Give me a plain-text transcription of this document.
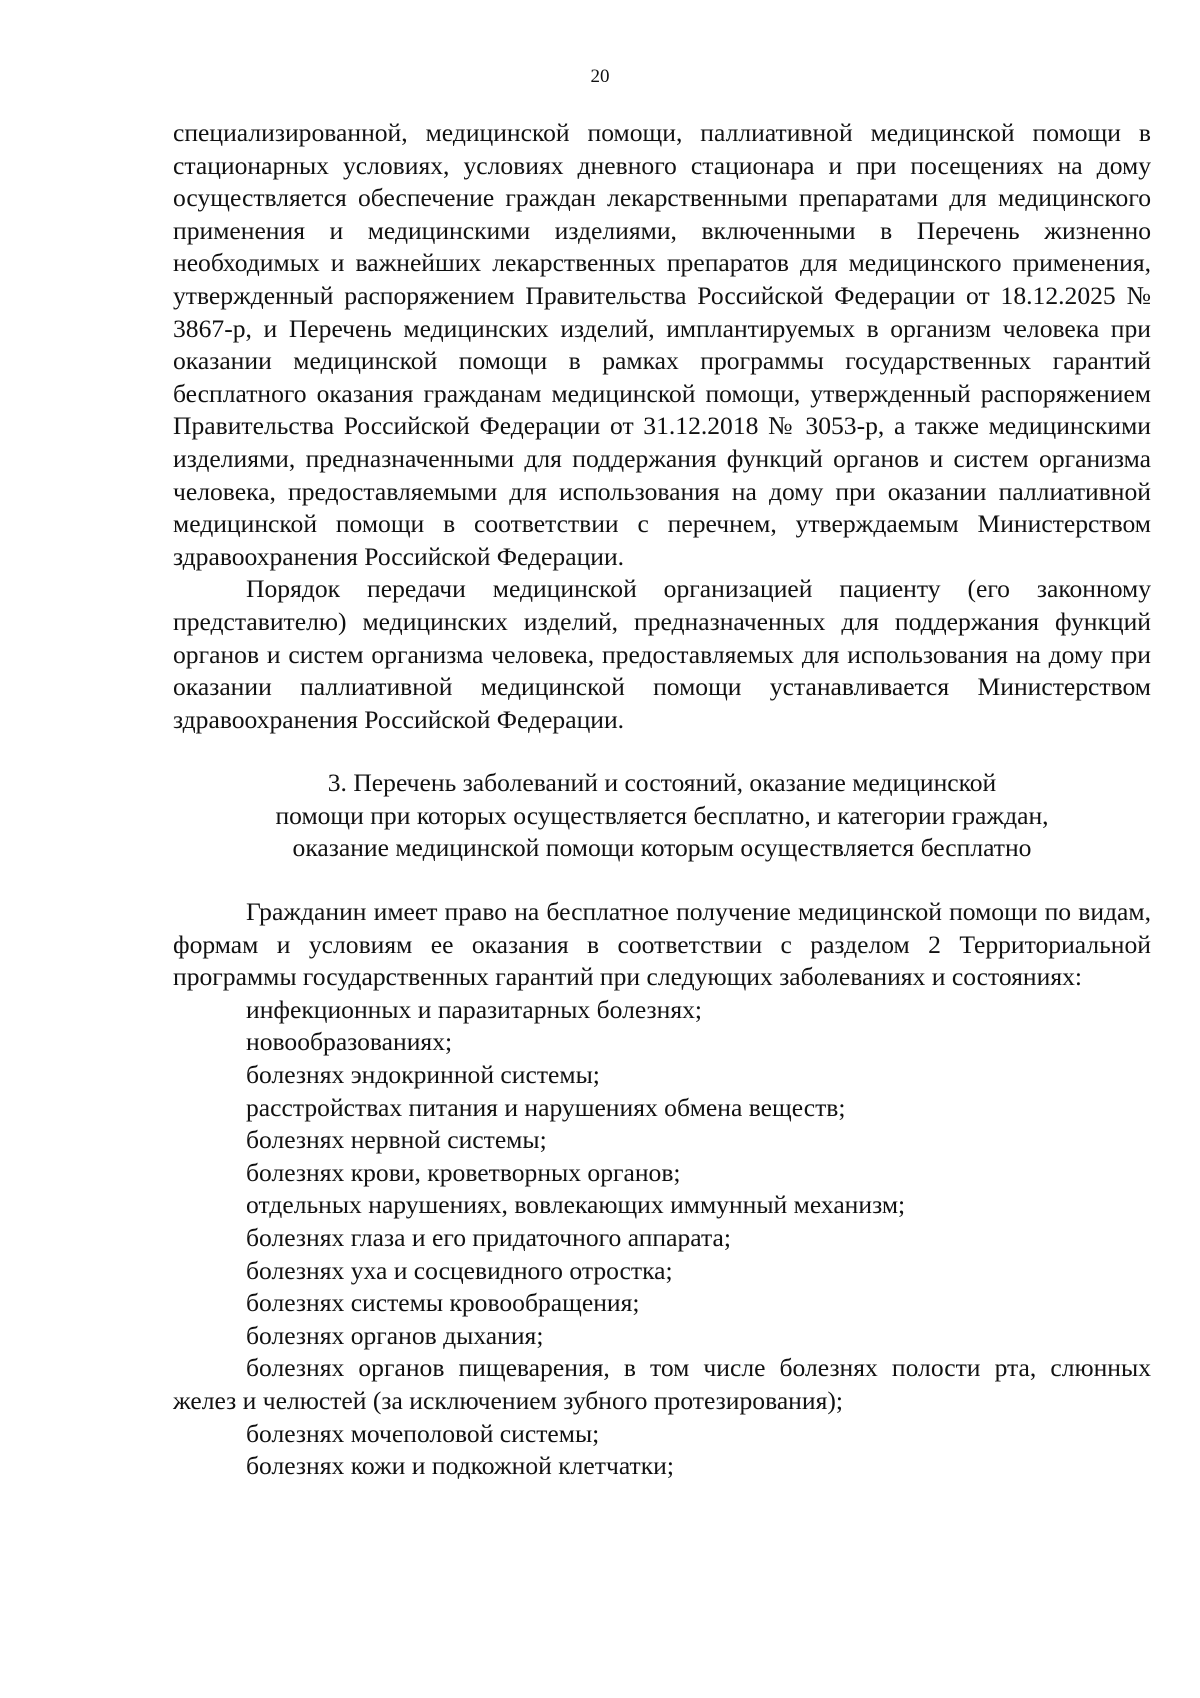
20

специализированной, медицинской помощи, паллиативной медицинской помощи в стационарных условиях, условиях дневного стационара и при посещениях на дому осуществляется обеспечение граждан лекарственными препаратами для медицинского применения и медицинскими изделиями, включенными в Перечень жизненно необходимых и важнейших лекарственных препаратов для медицинского применения, утвержденный распоряжением Правительства Российской Федерации от 18.12.2025 № 3867-р, и Перечень медицинских изделий, имплантируемых в организм человека при оказании медицинской помощи в рамках программы государственных гарантий бесплатного оказания гражданам медицинской помощи, утвержденный распоряжением Правительства Российской Федерации от 31.12.2018 № 3053-р, а также медицинскими изделиями, предназначенными для поддержания функций органов и систем организма человека, предоставляемыми для использования на дому при оказании паллиативной медицинской помощи в соответствии с перечнем, утверждаемым Министерством здравоохранения Российской Федерации.

Порядок передачи медицинской организацией пациенту (его законному представителю) медицинских изделий, предназначенных для поддержания функций органов и систем организма человека, предоставляемых для использования на дому при оказании паллиативной медицинской помощи устанавливается Министерством здравоохранения Российской Федерации.

3. Перечень заболеваний и состояний, оказание медицинской
помощи при которых осуществляется бесплатно, и категории граждан,
оказание медицинской помощи которым осуществляется бесплатно

Гражданин имеет право на бесплатное получение медицинской помощи по видам, формам и условиям ее оказания в соответствии с разделом 2 Территориальной программы государственных гарантий при следующих заболеваниях и состояниях:

инфекционных и паразитарных болезнях;
новообразованиях;
болезнях эндокринной системы;
расстройствах питания и нарушениях обмена веществ;
болезнях нервной системы;
болезнях крови, кроветворных органов;
отдельных нарушениях, вовлекающих иммунный механизм;
болезнях глаза и его придаточного аппарата;
болезнях уха и сосцевидного отростка;
болезнях системы кровообращения;
болезнях органов дыхания;
болезнях органов пищеварения, в том числе болезнях полости рта, слюнных желез и челюстей (за исключением зубного протезирования);
болезнях мочеполовой системы;
болезнях кожи и подкожной клетчатки;
